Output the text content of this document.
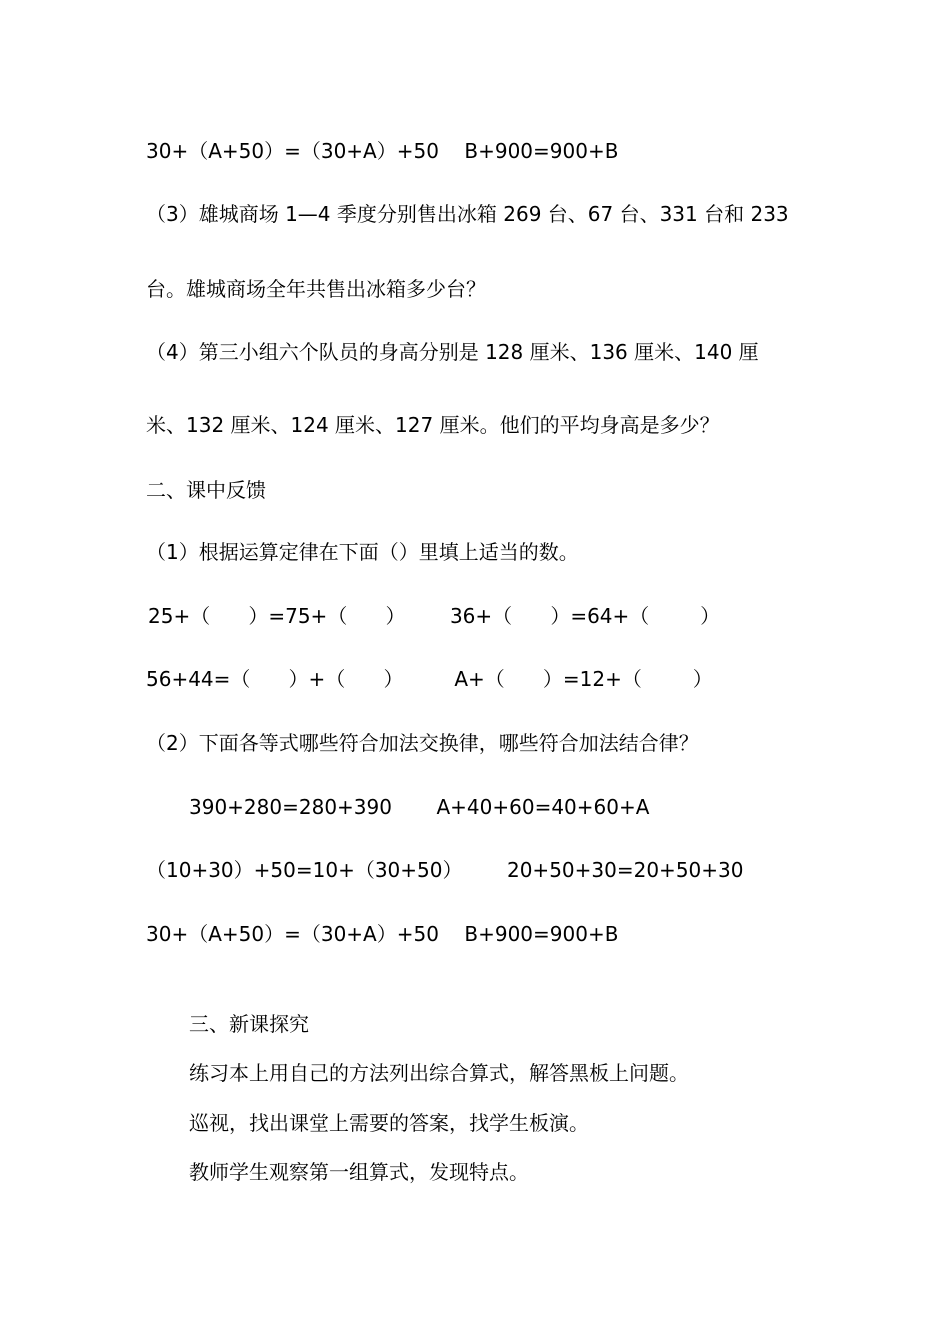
30+（A+50）=（30+A）+50    B+900=900+B
（3）雄城商场 1—4 季度分别售出冰箱 269 台、67 台、331 台和 233
台。雄城商场全年共售出冰箱多少台？
（4）第三小组六个队员的身高分别是 128 厘米、136 厘米、140 厘
米、132 厘米、124 厘米、127 厘米。他们的平均身高是多少？
二、课中反馈
（1）根据运算定律在下面（）里填上适当的数。
25+（      ）=75+（      ）       36+（      ）=64+（        ）
56+44=（      ）+（      ）        A+（      ）=12+（        ）
（2）下面各等式哪些符合加法交换律，哪些符合加法结合律？
390+280=280+390       A+40+60=40+60+A
（10+30）+50=10+（30+50）       20+50+30=20+50+30
30+（A+50）=（30+A）+50    B+900=900+B
三、新课探究
练习本上用自己的方法列出综合算式，解答黑板上问题。
巡视，找出课堂上需要的答案，找学生板演。
教师学生观察第一组算式，发现特点。
